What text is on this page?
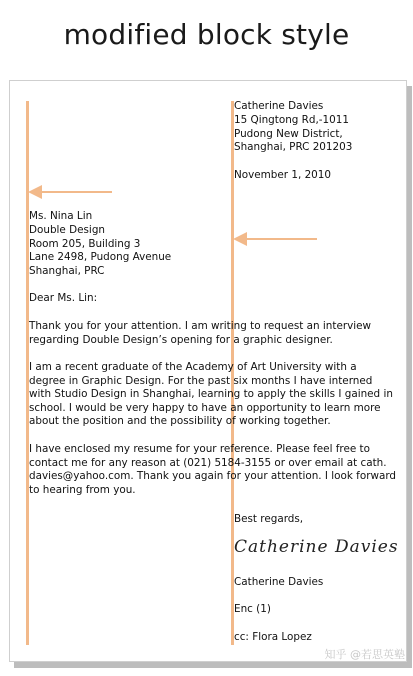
modified block style
Catherine Davies
15 Qingtong Rd,-1011
Pudong New District,
Shanghai, PRC 201203
November 1, 2010
Ms. Nina Lin
Double Design
Room 205, Building 3
Lane 2498, Pudong Avenue
Shanghai, PRC
Dear Ms. Lin:
Thank you for your attention. I am writing to request an interview
regarding Double Design’s opening for a graphic designer.
I am a recent graduate of the Academy of Art University with a
degree in Graphic Design. For the past six months I have interned
with Studio Design in Shanghai, learning to apply the skills I gained in
school. I would be very happy to have an opportunity to learn more
about the position and the possibility of working together.
I have enclosed my resume for your reference. Please feel free to
contact me for any reason at (021) 5184-3155 or over email at cath.
davies@yahoo.com. Thank you again for your attention. I look forward
to hearing from you.
Best regards,
Catherine Davies
Catherine Davies
Enc (1)
cc: Flora Lopez
知乎 @若思英塾
